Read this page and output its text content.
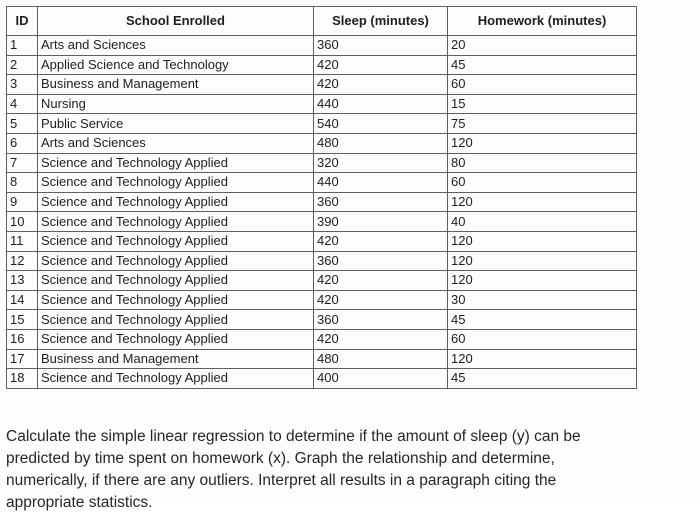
ID	School Enrolled	Sleep (minutes)	Homework (minutes)
1	Arts and Sciences	360	20
2	Applied Science and Technology	420	45
3	Business and Management	420	60
4	Nursing	440	15
5	Public Service	540	75
6	Arts and Sciences	480	120
7	Science and Technology Applied	320	80
8	Science and Technology Applied	440	60
9	Science and Technology Applied	360	120
10	Science and Technology Applied	390	40
11	Science and Technology Applied	420	120
12	Science and Technology Applied	360	120
13	Science and Technology Applied	420	120
14	Science and Technology Applied	420	30
15	Science and Technology Applied	360	45
16	Science and Technology Applied	420	60
17	Business and Management	480	120
18	Science and Technology Applied	400	45

Calculate the simple linear regression to determine if the amount of sleep (y) can be predicted by time spent on homework (x). Graph the relationship and determine, numerically, if there are any outliers. Interpret all results in a paragraph citing the appropriate statistics.
